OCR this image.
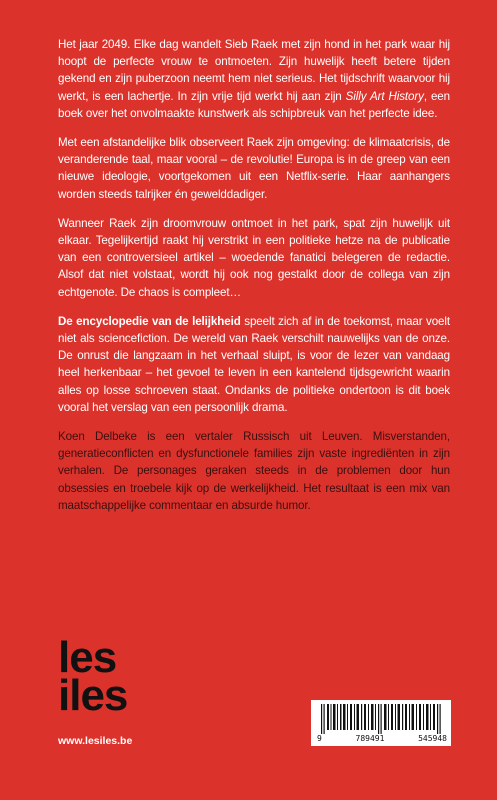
Het jaar 2049. Elke dag wandelt Sieb Raek met zijn hond in het park waar hij hoopt de perfecte vrouw te ontmoeten. Zijn huwelijk heeft betere tijden gekend en zijn puberzoon neemt hem niet serieus. Het tijdschrift waarvoor hij werkt, is een lachertje. In zijn vrije tijd werkt hij aan zijn Silly Art History, een boek over het onvolmaakte kunstwerk als schipbreuk van het perfecte idee.

Met een afstandelijke blik observeert Raek zijn omgeving: de klimaatcrisis, de veranderende taal, maar vooral – de revolutie! Europa is in de greep van een nieuwe ideologie, voortgekomen uit een Netflix-serie. Haar aanhangers worden steeds talrijker én gewelddadiger.

Wanneer Raek zijn droomvrouw ontmoet in het park, spat zijn huwelijk uit elkaar. Tegelijkertijd raakt hij verstrikt in een politieke hetze na de publicatie van een controversieel artikel – woedende fanatici belegeren de redactie. Alsof dat niet volstaat, wordt hij ook nog gestalkt door de collega van zijn echtgenote. De chaos is compleet…

De encyclopedie van de lelijkheid speelt zich af in de toekomst, maar voelt niet als sciencefiction. De wereld van Raek verschilt nauwelijks van de onze. De onrust die langzaam in het verhaal sluipt, is voor de lezer van vandaag heel herkenbaar – het gevoel te leven in een kantelend tijdsgewricht waarin alles op losse schroeven staat. Ondanks de politieke ondertoon is dit boek vooral het verslag van een persoonlijk drama.

Koen Delbeke is een vertaler Russisch uit Leuven. Misverstanden, generatieconflicten en dysfunctionele families zijn vaste ingrediënten in zijn verhalen. De personages geraken steeds in de problemen door hun obsessies en troebele kijk op de werkelijkheid. Het resultaat is een mix van maatschappelijke commentaar en absurde humor.

les
iles
www.lesiles.be	9	789491	545948
